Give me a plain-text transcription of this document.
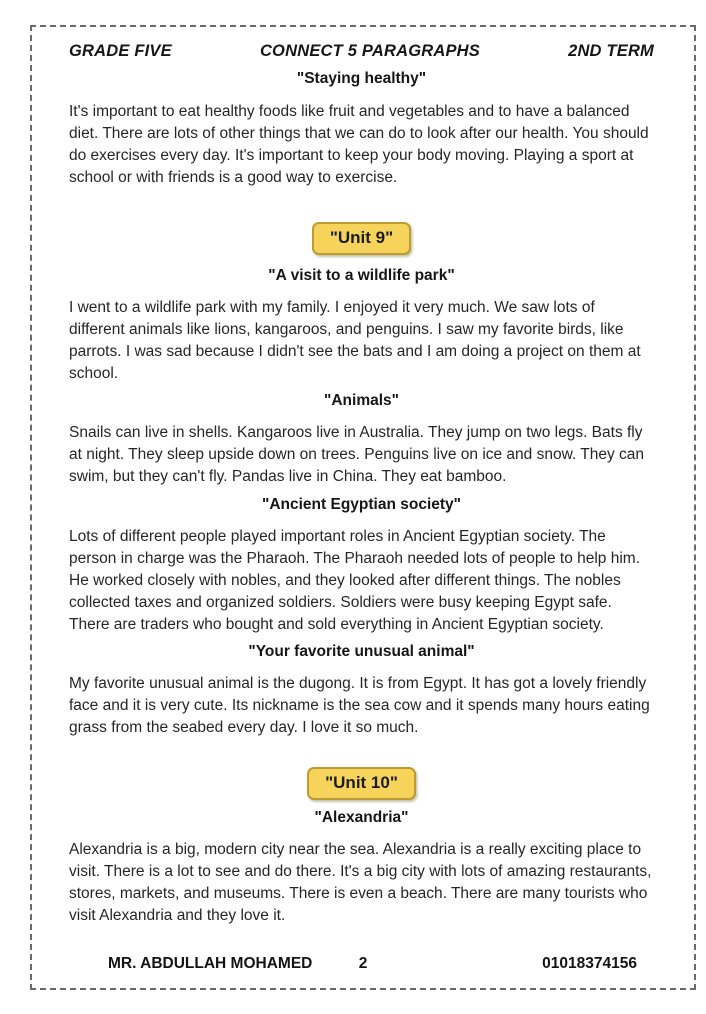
GRADE FIVE	CONNECT 5 PARAGRAPHS	2ND TERM
"Staying healthy"
It's important to eat healthy foods like fruit and vegetables and to have a balanced diet. There are lots of other things that we can do to look after our health. You should do exercises every day. It's important to keep your body moving. Playing a sport at school or with friends is a good way to exercise.
"Unit 9"
"A visit to a wildlife park"
I went to a wildlife park with my family. I enjoyed it very much. We saw lots of different animals like lions, kangaroos, and penguins. I saw my favorite birds, like parrots. I was sad because I didn't see the bats and I am doing a project on them at school.
"Animals"
Snails can live in shells. Kangaroos live in Australia. They jump on two legs. Bats fly at night. They sleep upside down on trees. Penguins live on ice and snow. They can swim, but they can't fly. Pandas live in China. They eat bamboo.
"Ancient Egyptian society"
Lots of different people played important roles in Ancient Egyptian society. The person in charge was the Pharaoh. The Pharaoh needed lots of people to help him. He worked closely with nobles, and they looked after different things. The nobles collected taxes and organized soldiers. Soldiers were busy keeping Egypt safe. There are traders who bought and sold everything in Ancient Egyptian society.
"Your favorite unusual animal"
My favorite unusual animal is the dugong. It is from Egypt. It has got a lovely friendly face and it is very cute. Its nickname is the sea cow and it spends many hours eating grass from the seabed every day. I love it so much.
"Unit 10"
"Alexandria"
Alexandria is a big, modern city near the sea. Alexandria is a really exciting place to visit. There is a lot to see and do there. It's a big city with lots of amazing restaurants, stores, markets, and museums. There is even a beach. There are many tourists who visit Alexandria and they love it.
MR. ABDULLAH MOHAMED	2	01018374156
